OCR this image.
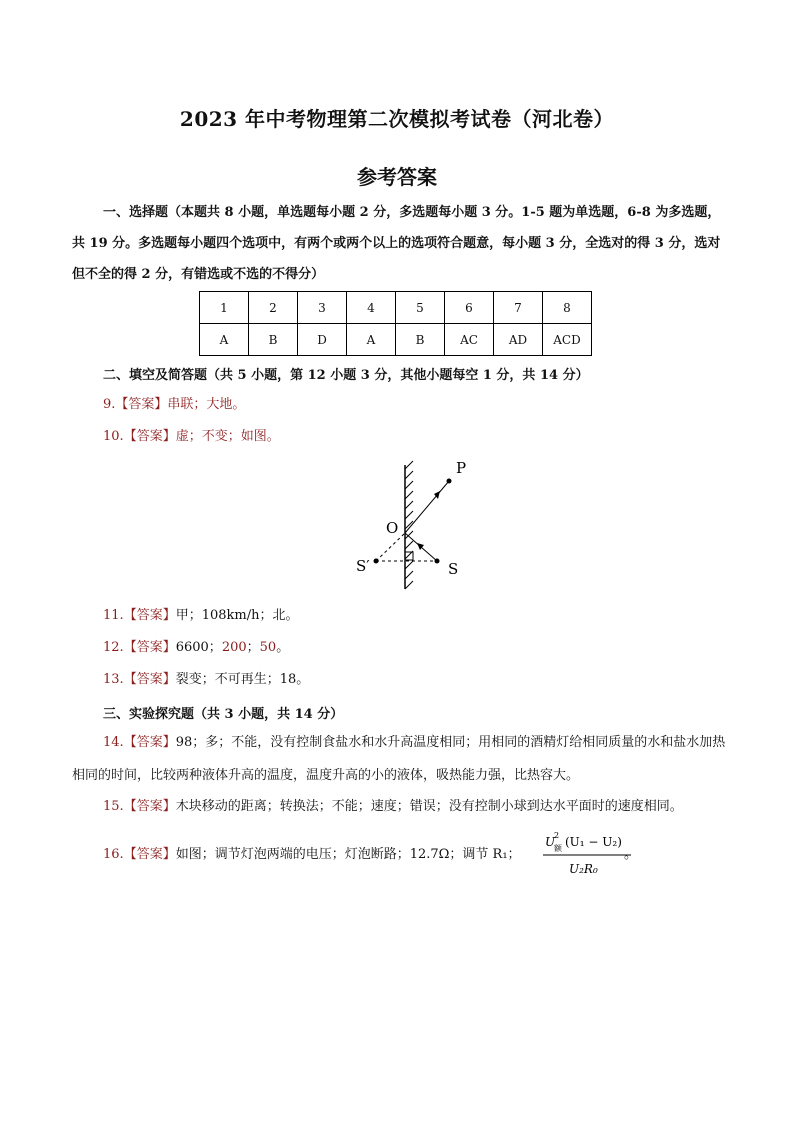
2023 年中考物理第二次模拟考试卷（河北卷）
参考答案
一、选择题（本题共 8 小题，单选题每小题 2 分，多选题每小题 3 分。1-5 题为单选题，6-8 为多选题，共 19 分。多选题每小题四个选项中，有两个或两个以上的选项符合题意，每小题 3 分，全选对的得 3 分，选对但不全的得 2 分，有错选或不选的不得分）
1	2	3	4	5	6	7	8
A	B	D	A	B	AC	AD	ACD
二、填空及简答题（共 5 小题，第 12 小题 3 分，其他小题每空 1 分，共 14 分）
9.【答案】串联；大地。
10.【答案】虚；不变；如图。
P
O
S′	S
11.【答案】甲；108km/h；北。
12.【答案】6600；200；50。
13.【答案】裂变；不可再生；18。
三、实验探究题（共 3 小题，共 14 分）
14.【答案】98；多；不能，没有控制食盐水和水升高温度相同；用相同的酒精灯给相同质量的水和盐水加热相同的时间，比较两种液体升高的温度，温度升高的小的液体，吸热能力强，比热容大。
15.【答案】木块移动的距离；转换法；不能；速度；错误；没有控制小球到达水平面时的速度相同。
16.【答案】如图；调节灯泡两端的电压；灯泡断路；12.7Ω；调节 R₁；
U
2
额 (U₁ − U₂)
U₂R₀
。
